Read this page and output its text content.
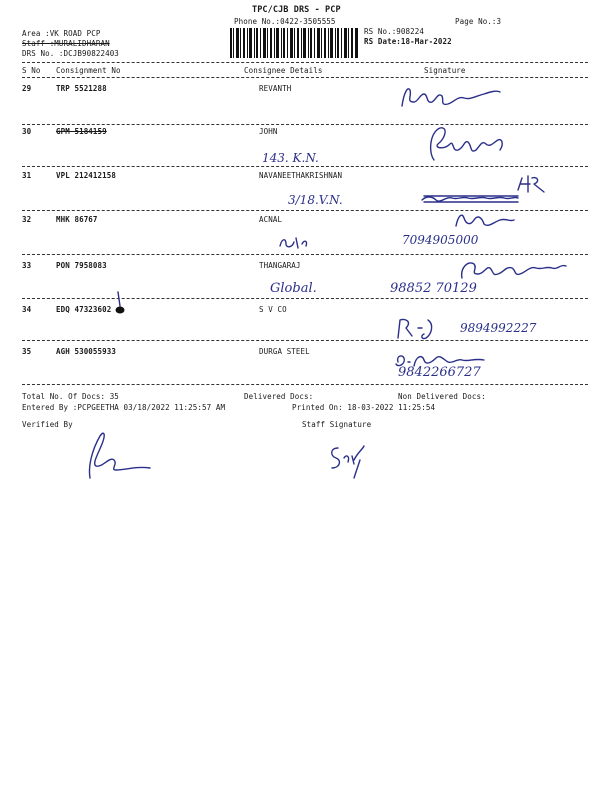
TPC/CJB DRS - PCP
Phone No.:0422-3505555	Page No.:3
Area :VK ROAD PCP
Staff :MURALIDHARAN
DRS No. :DCJB90822403
RS No.:908224
RS Date:18-Mar-2022
S No Consignment No	Consignee Details	Signature
29	TRP 5521288	REVANTH
30	GPM 5184159	JOHN
143. K.N.
31	VPL 212412158	NAVANEETHAKRISHNAN
3/18.V.N.
32	MHK 86767	ACNAL
7094905000
33	PON 7958083	THANGARAJ
Global.	98852 70129
34	EDQ 47323602	S V CO
9894992227
35	AGH 530055933	DURGA STEEL
9842266727
Total No. Of Docs: 35	Delivered Docs:	Non Delivered Docs:
Entered By :PCPGEETHA 03/18/2022 11:25:57 AM	Printed On: 18-03-2022 11:25:54
Verified By	Staff Signature
